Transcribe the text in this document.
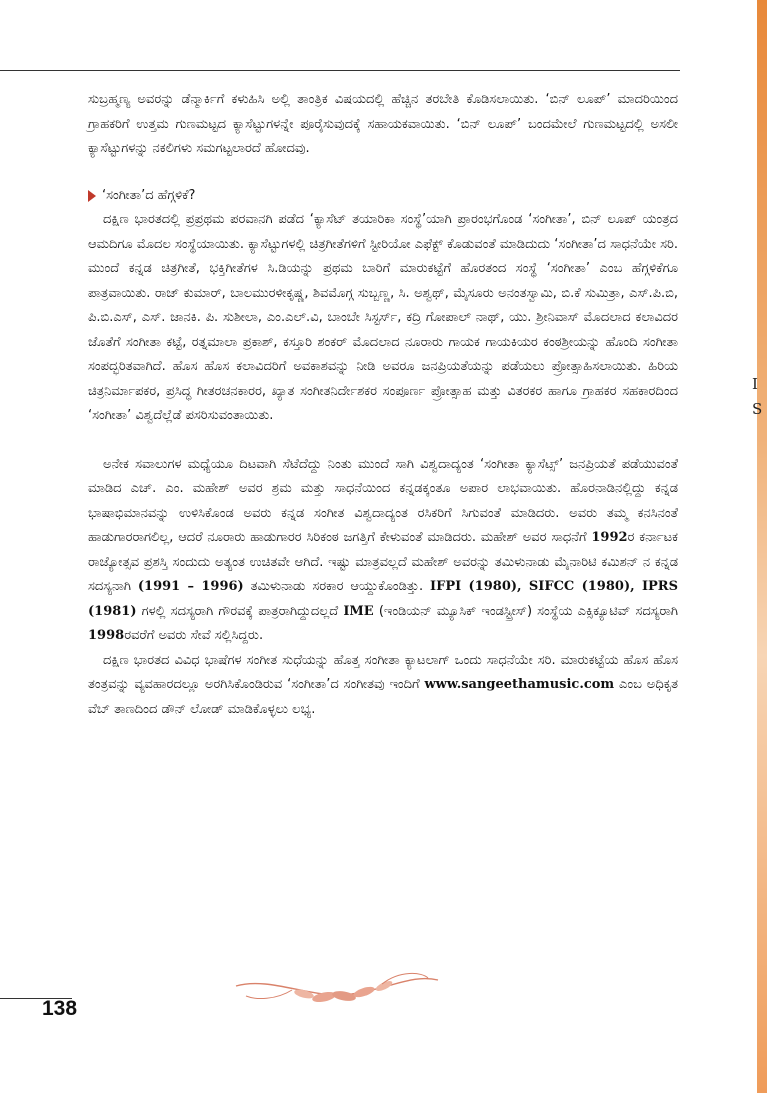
I
S

ಸುಬ್ರಹ್ಮಣ್ಯ ಅವರನ್ನು ಡೆನ್ಮಾರ್ಕಿಗೆ ಕಳುಹಿಸಿ ಅಲ್ಲಿ ತಾಂತ್ರಿಕ ವಿಷಯದಲ್ಲಿ ಹೆಚ್ಚಿನ ತರಬೇತಿ ಕೊಡಿಸಲಾಯಿತು. ‘ಬಿನ್ ಲೂಪ್’ ಮಾದರಿಯಿಂದ ಗ್ರಾಹಕರಿಗೆ ಉತ್ತಮ ಗುಣಮಟ್ಟದ ಕ್ಯಾಸೆಟ್ಟುಗಳನ್ನೇ ಪೂರೈಸುವುದಕ್ಕೆ ಸಹಾಯಕವಾಯಿತು. ‘ಬಿನ್ ಲೂಪ್’ ಬಂದಮೇಲೆ ಗುಣಮಟ್ಟದಲ್ಲಿ ಅಸಲೀ ಕ್ಯಾಸೆಟ್ಟುಗಳನ್ನು ನಕಲಿಗಳು ಸಮಗಟ್ಟಲಾರದೆ ಹೋದವು.

‘ಸಂಗೀತಾ’ದ ಹೆಗ್ಗಳಿಕೆ?

ದಕ್ಷಿಣ ಭಾರತದಲ್ಲಿ ಪ್ರಪ್ರಥಮ ಪರವಾನಗಿ ಪಡೆದ ‘ಕ್ಯಾಸೆಟ್ ತಯಾರಿಕಾ ಸಂಸ್ಥೆ’ಯಾಗಿ ಪ್ರಾರಂಭಗೊಂಡ ‘ಸಂಗೀತಾ’, ಬಿನ್ ಲೂಪ್ ಯಂತ್ರದ ಆಮದಿಗೂ ಮೊದಲ ಸಂಸ್ಥೆಯಾಯಿತು. ಕ್ಯಾಸೆಟ್ಟುಗಳಲ್ಲಿ ಚಿತ್ರಗೀತೆಗಳಿಗೆ ಸ್ಟೀರಿಯೋ ಎಫೆಕ್ಟ್ ಕೊಡುವಂತೆ ಮಾಡಿದುದು ‘ಸಂಗೀತಾ’ದ ಸಾಧನೆಯೇ ಸರಿ. ಮುಂದೆ ಕನ್ನಡ ಚಿತ್ರಗೀತೆ, ಭಕ್ತಿಗೀತೆಗಳ ಸಿ.ಡಿಯನ್ನು ಪ್ರಥಮ ಬಾರಿಗೆ ಮಾರುಕಟ್ಟೆಗೆ ಹೊರತಂದ ಸಂಸ್ಥೆ ‘ಸಂಗೀತಾ’ ಎಂಬ ಹೆಗ್ಗಳಿಕೆಗೂ ಪಾತ್ರವಾಯಿತು. ರಾಜ್ ಕುಮಾರ್, ಬಾಲಮುರಳೀಕೃಷ್ಣ, ಶಿವಮೊಗ್ಗ ಸುಬ್ಬಣ್ಣ, ಸಿ. ಅಶ್ವಥ್, ಮೈಸೂರು ಅನಂತಸ್ವಾಮಿ, ಬಿ.ಕೆ ಸುಮಿತ್ರಾ, ಎಸ್.ಪಿ.ಬಿ, ಪಿ.ಬಿ.ಎಸ್, ಎಸ್. ಜಾನಕಿ. ಪಿ. ಸುಶೀಲಾ, ಎಂ.ಎಲ್.ವಿ, ಬಾಂಬೇ ಸಿಸ್ಟರ್ಸ್, ಕದ್ರಿ ಗೋಪಾಲ್ ನಾಥ್, ಯು. ಶ್ರೀನಿವಾಸ್ ಮೊದಲಾದ ಕಲಾವಿದರ ಜೊತೆಗೆ ಸಂಗೀತಾ ಕಟ್ಟೆ, ರತ್ನಮಾಲಾ ಪ್ರಕಾಶ್, ಕಸ್ತೂರಿ ಶಂಕರ್ ಮೊದಲಾದ ನೂರಾರು ಗಾಯಕ ಗಾಯಕಿಯರ ಕಂಠಶ್ರೀಯನ್ನು ಹೊಂದಿ ಸಂಗೀತಾ ಸಂಪದ್ಭರಿತವಾಗಿದೆ. ಹೊಸ ಹೊಸ ಕಲಾವಿದರಿಗೆ ಅವಕಾಶವನ್ನು ನೀಡಿ ಅವರೂ ಜನಪ್ರಿಯತೆಯನ್ನು ಪಡೆಯಲು ಪ್ರೋತ್ಸಾಹಿಸಲಾಯಿತು. ಹಿರಿಯ ಚಿತ್ರನಿರ್ಮಾಪಕರ, ಪ್ರಸಿದ್ಧ ಗೀತರಚನಕಾರರ, ಖ್ಯಾತ ಸಂಗೀತನಿರ್ದೇಶಕರ ಸಂಪೂರ್ಣ ಪ್ರೋತ್ಸಾಹ ಮತ್ತು ವಿತರಕರ ಹಾಗೂ ಗ್ರಾಹಕರ ಸಹಕಾರದಿಂದ ‘ಸಂಗೀತಾ’ ವಿಶ್ವದೆಲ್ಲೆಡೆ ಪಸರಿಸುವಂತಾಯಿತು.

ಅನೇಕ ಸವಾಲುಗಳ ಮಧ್ಯೆಯೂ ದಿಟವಾಗಿ ಸೆಟೆದೆದ್ದು ನಿಂತು ಮುಂದೆ ಸಾಗಿ ವಿಶ್ವದಾದ್ಯಂತ ‘ಸಂಗೀತಾ ಕ್ಯಾಸೆಟ್ಸ್’ ಜನಪ್ರಿಯತೆ ಪಡೆಯುವಂತೆ ಮಾಡಿದ ಎಚ್. ಎಂ. ಮಹೇಶ್ ಅವರ ಶ್ರಮ ಮತ್ತು ಸಾಧನೆಯಿಂದ ಕನ್ನಡಕ್ಕಂತೂ ಅಪಾರ ಲಾಭವಾಯಿತು. ಹೊರನಾಡಿನಲ್ಲಿದ್ದು ಕನ್ನಡ ಭಾಷಾಭಿಮಾನವನ್ನು ಉಳಿಸಿಕೊಂಡ ಅವರು ಕನ್ನಡ ಸಂಗೀತ ವಿಶ್ವದಾದ್ಯಂತ ರಸಿಕರಿಗೆ ಸಿಗುವಂತೆ ಮಾಡಿದರು. ಅವರು ತಮ್ಮ ಕನಸಿನಂತೆ ಹಾಡುಗಾರರಾಗಲಿಲ್ಲ, ಆದರೆ ನೂರಾರು ಹಾಡುಗಾರರ ಸಿರಿಕಂಠ ಜಗತ್ತಿಗೆ ಕೇಳುವಂತೆ ಮಾಡಿದರು. ಮಹೇಶ್ ಅವರ ಸಾಧನೆಗೆ 1992ರ ಕರ್ನಾಟಕ ರಾಜ್ಯೋತ್ಸವ ಪ್ರಶಸ್ತಿ ಸಂದುದು ಅತ್ಯಂತ ಉಚಿತವೇ ಆಗಿದೆ. ಇಷ್ಟು ಮಾತ್ರವಲ್ಲದೆ ಮಹೇಶ್ ಅವರನ್ನು ತಮಿಳುನಾಡು ಮೈನಾರಿಟಿ ಕಮಿಶನ್ ನ ಕನ್ನಡ ಸದಸ್ಯನಾಗಿ (1991 – 1996) ತಮಿಳುನಾಡು ಸರಕಾರ ಆಯ್ದುಕೊಂಡಿತ್ತು. IFPI (1980), SIFCC (1980), IPRS (1981) ಗಳಲ್ಲಿ ಸದಸ್ಯರಾಗಿ ಗೌರವಕ್ಕೆ ಪಾತ್ರರಾಗಿದ್ದುದಲ್ಲದೆ IME (ಇಂಡಿಯನ್ ಮ್ಯೂಸಿಕ್ ಇಂಡಸ್ಟ್ರೀಸ್) ಸಂಸ್ಥೆಯ ಎಕ್ಸಿಕ್ಯೂಟಿವ್ ಸದಸ್ಯರಾಗಿ 1998ರವರೆಗೆ ಅವರು ಸೇವೆ ಸಲ್ಲಿಸಿದ್ದರು.

ದಕ್ಷಿಣ ಭಾರತದ ವಿವಿಧ ಭಾಷೆಗಳ ಸಂಗೀತ ಸುಧೆಯನ್ನು ಹೊತ್ತ ಸಂಗೀತಾ ಕ್ಯಾಟಲಾಗ್ ಒಂದು ಸಾಧನೆಯೇ ಸರಿ. ಮಾರುಕಟ್ಟೆಯ ಹೊಸ ಹೊಸ ತಂತ್ರವನ್ನು ವ್ಯವಹಾರದಲ್ಲೂ ಅರಗಿಸಿಕೊಂಡಿರುವ ‘ಸಂಗೀತಾ’ದ ಸಂಗೀತವು ಇಂದಿಗೆ www.sangeethamusic.com ಎಂಬ ಅಧಿಕೃತ ವೆಬ್ ತಾಣದಿಂದ ಡೌನ್ ಲೋಡ್ ಮಾಡಿಕೊಳ್ಳಲು ಲಭ್ಯ.

138
